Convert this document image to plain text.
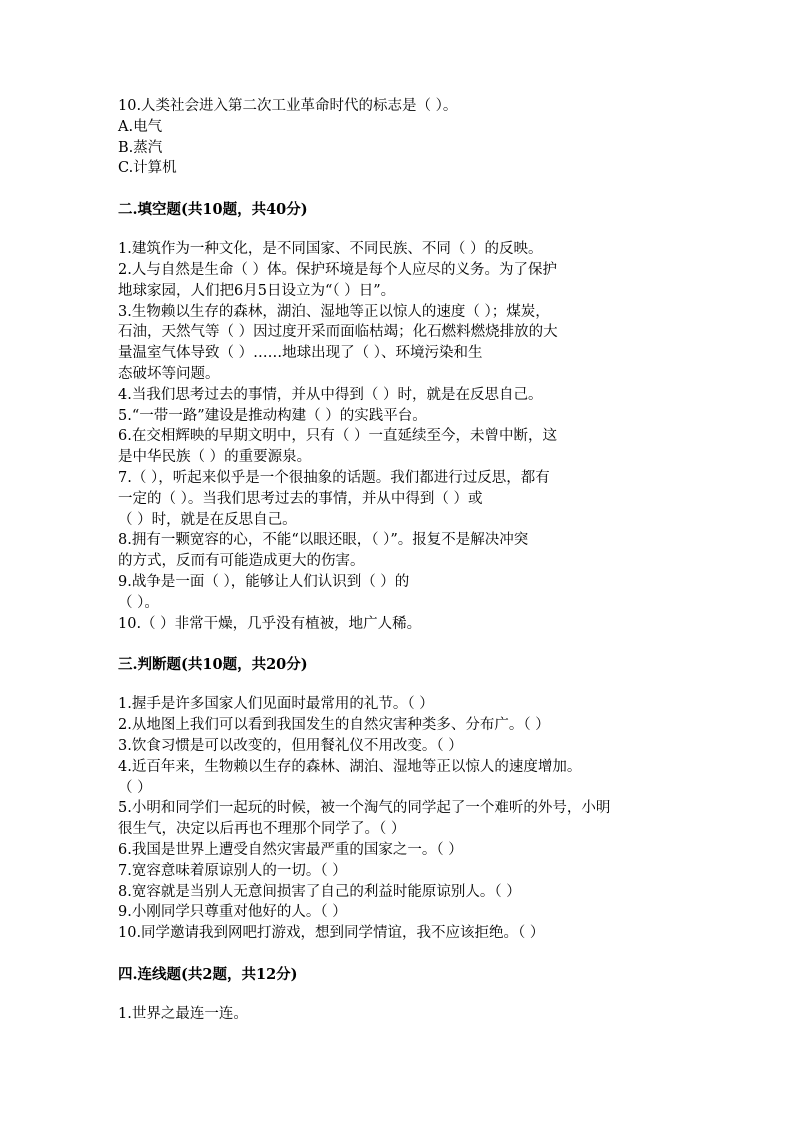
10.人类社会进入第二次工业革命时代的标志是（ ）。
A.电气
B.蒸汽
C.计算机
二.填空题(共10题，共40分)
1.建筑作为一种文化，是不同国家、不同民族、不同（ ）的反映。
2.人与自然是生命（ ）体。保护环境是每个人应尽的义务。为了保护
地球家园，人们把6月5日设立为“（ ）日”。
3.生物赖以生存的森林，湖泊、湿地等正以惊人的速度（ ）；煤炭，
石油，天然气等（ ）因过度开采而面临枯竭；化石燃料燃烧排放的大
量温室气体导致（ ）……地球出现了（ ）、环境污染和生
态破坏等问题。
4.当我们思考过去的事情，并从中得到（ ）时，就是在反思自己。
5.“一带一路”建设是推动构建（ ）的实践平台。
6.在交相辉映的早期文明中，只有（ ）一直延续至今，未曾中断，这
是中华民族（ ）的重要源泉。
7.（ ），听起来似乎是一个很抽象的话题。我们都进行过反思，都有
一定的（ ）。当我们思考过去的事情，并从中得到（ ）或
（ ）时，就是在反思自己。
8.拥有一颗宽容的心，不能“以眼还眼，（ ）”。报复不是解决冲突
的方式，反而有可能造成更大的伤害。
9.战争是一面（ ），能够让人们认识到（ ）的
（ ）。
10.（ ）非常干燥，几乎没有植被，地广人稀。
三.判断题(共10题，共20分)
1.握手是许多国家人们见面时最常用的礼节。（ ）
2.从地图上我们可以看到我国发生的自然灾害种类多、分布广。（ ）
3.饮食习惯是可以改变的，但用餐礼仪不用改变。（ ）
4.近百年来，生物赖以生存的森林、湖泊、湿地等正以惊人的速度增加。
（ ）
5.小明和同学们一起玩的时候，被一个淘气的同学起了一个难听的外号，小明
很生气，决定以后再也不理那个同学了。（ ）
6.我国是世界上遭受自然灾害最严重的国家之一。（ ）
7.宽容意味着原谅别人的一切。（ ）
8.宽容就是当别人无意间损害了自己的利益时能原谅别人。（ ）
9.小刚同学只尊重对他好的人。（ ）
10.同学邀请我到网吧打游戏，想到同学情谊，我不应该拒绝。（ ）
四.连线题(共2题，共12分)
1.世界之最连一连。
